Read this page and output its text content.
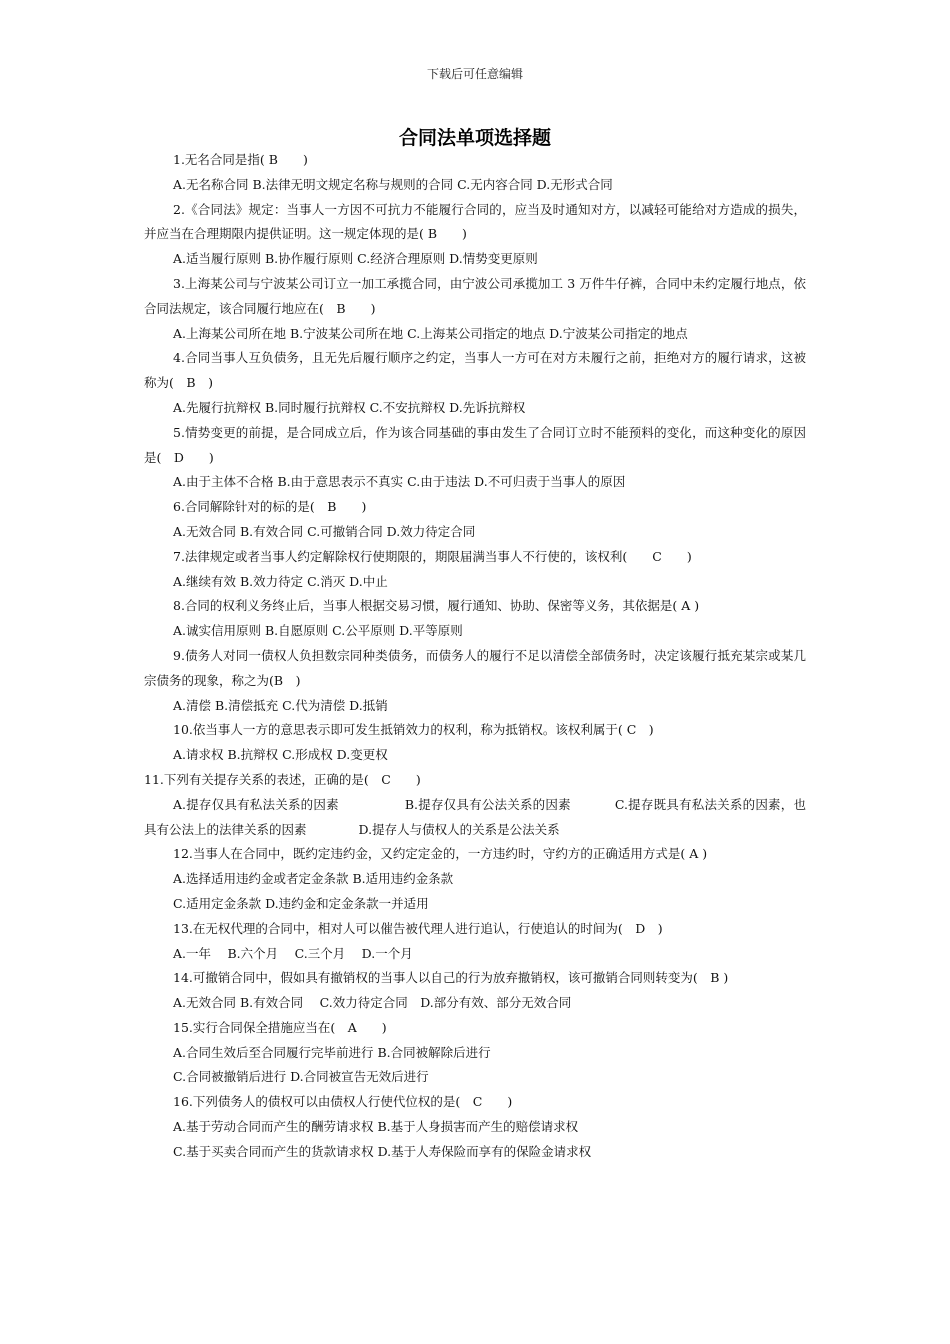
下载后可任意编辑
合同法单项选择题

1.无名合同是指( B　　)

A.无名称合同 B.法律无明文规定名称与规则的合同 C.无内容合同 D.无形式合同

2.《合同法》规定：当事人一方因不可抗力不能履行合同的，应当及时通知对方，以减轻可能给对方造成的损失，并应当在合理期限内提供证明。这一规定体现的是( B　　)

A.适当履行原则 B.协作履行原则 C.经济合理原则 D.情势变更原则

3.上海某公司与宁波某公司订立一加工承揽合同，由宁波公司承揽加工 3 万件牛仔裤，合同中未约定履行地点，依合同法规定，该合同履行地应在(　B　　)

A.上海某公司所在地 B.宁波某公司所在地 C.上海某公司指定的地点 D.宁波某公司指定的地点

4.合同当事人互负债务，且无先后履行顺序之约定，当事人一方可在对方未履行之前，拒绝对方的履行请求，这被称为(　B　)

A.先履行抗辩权 B.同时履行抗辩权 C.不安抗辩权 D.先诉抗辩权

5.情势变更的前提，是合同成立后，作为该合同基础的事由发生了合同订立时不能预料的变化，而这种变化的原因是(　D　　)

A.由于主体不合格 B.由于意思表示不真实 C.由于违法 D.不可归责于当事人的原因

6.合同解除针对的标的是(　B　　)

A.无效合同 B.有效合同 C.可撤销合同 D.效力待定合同

7.法律规定或者当事人约定解除权行使期限的，期限届满当事人不行使的，该权利(　　C　　)

A.继续有效 B.效力待定 C.消灭 D.中止

8.合同的权利义务终止后，当事人根据交易习惯，履行通知、协助、保密等义务，其依据是( A )

A.诚实信用原则 B.自愿原则 C.公平原则 D.平等原则

9.债务人对同一债权人负担数宗同种类债务，而债务人的履行不足以清偿全部债务时，决定该履行抵充某宗或某几宗债务的现象，称之为(B　)

A.清偿 B.清偿抵充 C.代为清偿 D.抵销

10.依当事人一方的意思表示即可发生抵销效力的权利，称为抵销权。该权利属于( C　)

A.请求权 B.抗辩权 C.形成权 D.变更权

11.下列有关提存关系的表述，正确的是(　C　　)

A.提存仅具有私法关系的因素	B.提存仅具有公法关系的因素	C.提存既具有私法关系的因素，也具有公法上的法律关系的因素	D.提存人与债权人的关系是公法关系

12.当事人在合同中，既约定违约金，又约定定金的，一方违约时，守约方的正确适用方式是( A )

A.选择适用违约金或者定金条款 B.适用违约金条款

C.适用定金条款 D.违约金和定金条款一并适用

13.在无权代理的合同中，相对人可以催告被代理人进行追认，行使追认的时间为(　D　)

A.一年　 B.六个月　 C.三个月　 D.一个月

14.可撤销合同中，假如具有撤销权的当事人以自己的行为放弃撤销权，该可撤销合同则转变为(　B )

A.无效合同 B.有效合同　 C.效力待定合同　D.部分有效、部分无效合同

15.实行合同保全措施应当在(　A　　)

A.合同生效后至合同履行完毕前进行 B.合同被解除后进行

C.合同被撤销后进行 D.合同被宣告无效后进行

16.下列债务人的债权可以由债权人行使代位权的是(　C　　)

A.基于劳动合同而产生的酬劳请求权 B.基于人身损害而产生的赔偿请求权

C.基于买卖合同而产生的货款请求权 D.基于人寿保险而享有的保险金请求权
